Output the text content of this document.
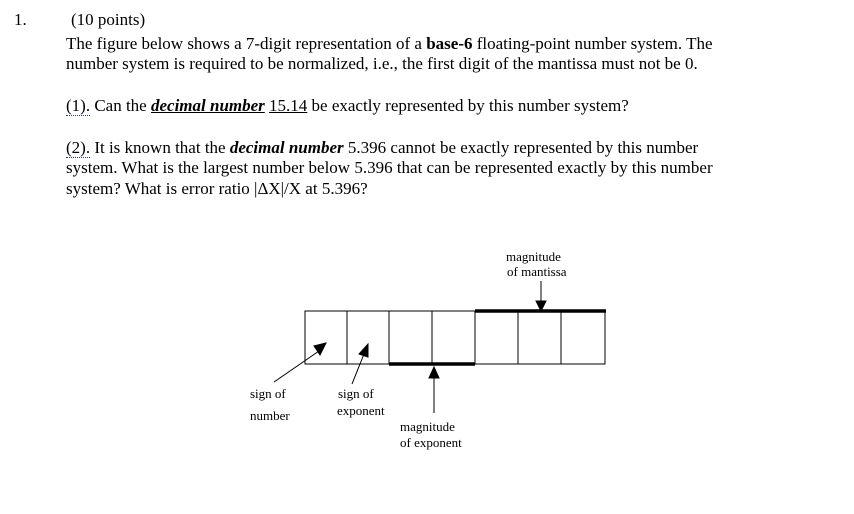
1.	(10 points)
The figure below shows a 7-digit representation of a base-6 floating-point number system. The
number system is required to be normalized, i.e., the first digit of the mantissa must not be 0.
(1). Can the decimal number 15.14 be exactly represented by this number system?
(2). It is known that the decimal number 5.396 cannot be exactly represented by this number
system. What is the largest number below 5.396 that can be represented exactly by this number
system? What is error ratio |ΔX|/X at 5.396?
magnitude
of mantissa
sign of
number
sign of
exponent
magnitude
of exponent
